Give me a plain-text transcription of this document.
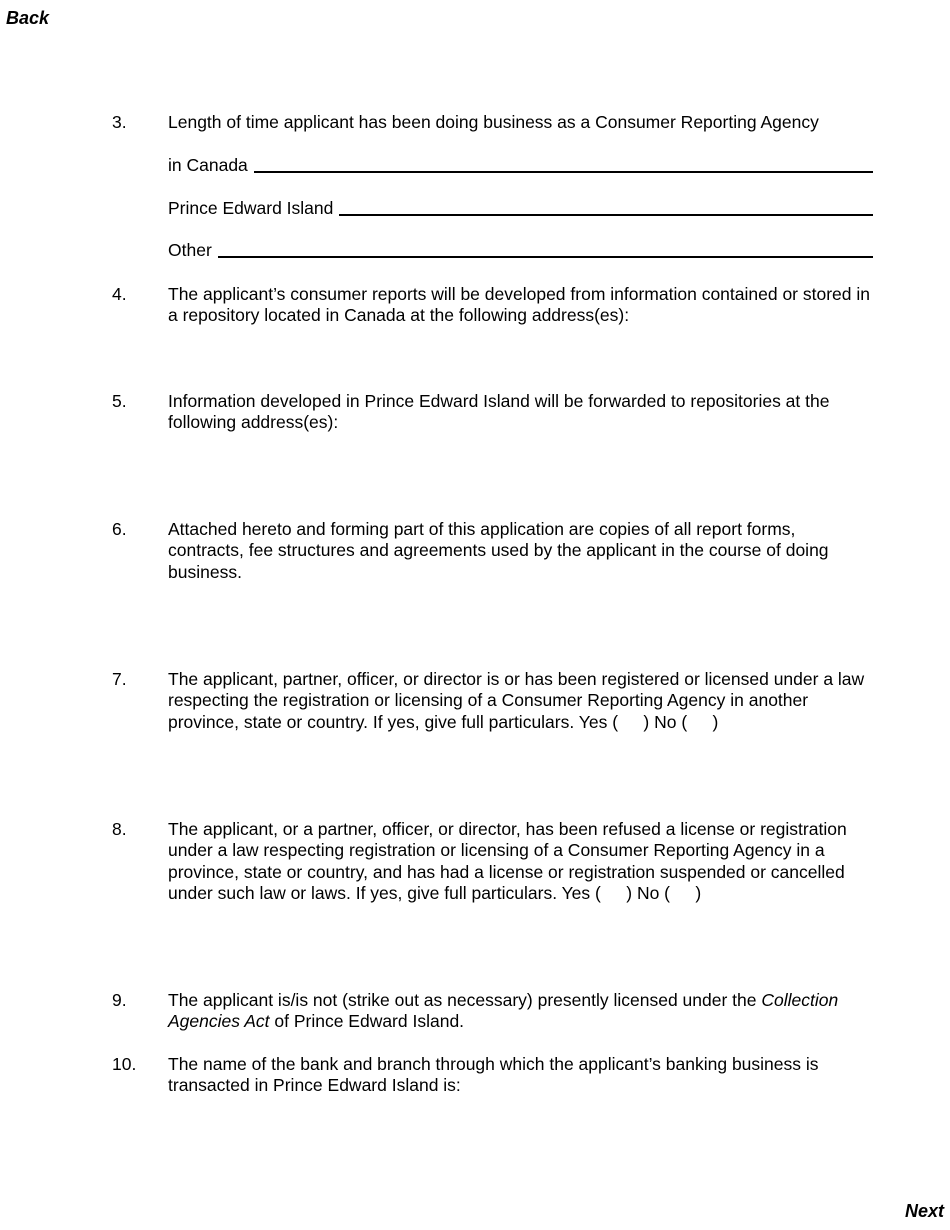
Back
3. Length of time applicant has been doing business as a Consumer Reporting Agency
in Canada
Prince Edward Island
Other
4. The applicant’s consumer reports will be developed from information contained or stored in a repository located in Canada at the following address(es):
5. Information developed in Prince Edward Island will be forwarded to repositories at the following address(es):
6. Attached hereto and forming part of this application are copies of all report forms, contracts, fee structures and agreements used by the applicant in the course of doing business.
7. The applicant, partner, officer, or director is or has been registered or licensed under a law respecting the registration or licensing of a Consumer Reporting Agency in another province, state or country. If yes, give full particulars. Yes ( ) No ( )
8. The applicant, or a partner, officer, or director, has been refused a license or registration under a law respecting registration or licensing of a Consumer Reporting Agency in a province, state or country, and has had a license or registration suspended or cancelled under such law or laws. If yes, give full particulars. Yes ( ) No ( )
9. The applicant is/is not (strike out as necessary) presently licensed under the Collection Agencies Act of Prince Edward Island.
10. The name of the bank and branch through which the applicant’s banking business is transacted in Prince Edward Island is:
Next
